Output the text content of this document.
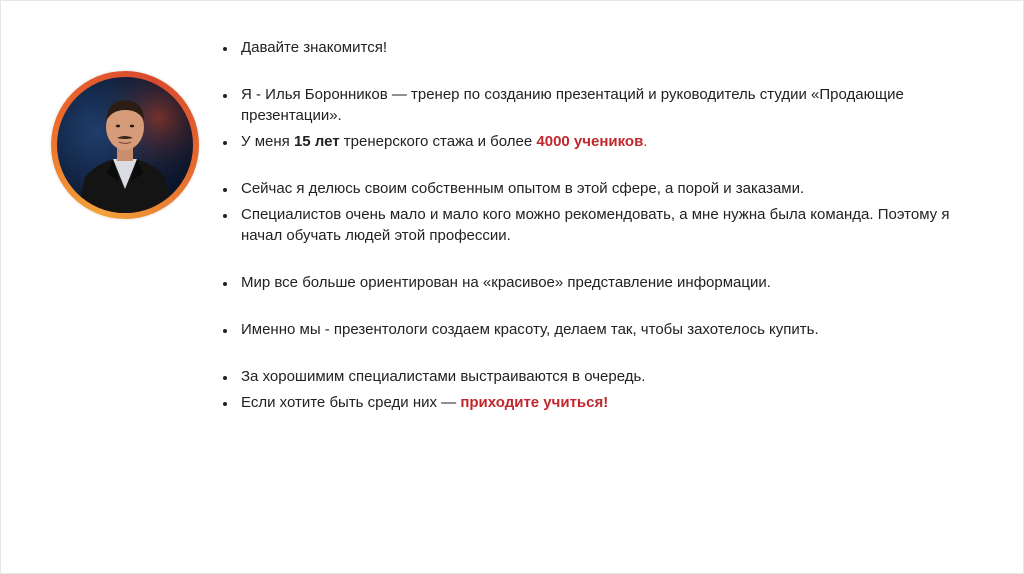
Давайте знакомится!
Я - Илья Боронников — тренер по созданию презентаций и руководитель студии «Продающие презентации».
У меня 15 лет тренерского стажа и более 4000 учеников.
Сейчас я делюсь своим собственным опытом в этой сфере, а порой и заказами.
Специалистов очень мало и мало кого можно рекомендовать, а мне нужна была команда. Поэтому я начал обучать людей этой профессии.
Мир все больше ориентирован на «красивое» представление информации.
Именно мы - презентологи создаем красоту, делаем так, чтобы захотелось купить.
За хорошимим специалистами выстраиваются в очередь.
Если хотите быть среди них — приходите учиться!
